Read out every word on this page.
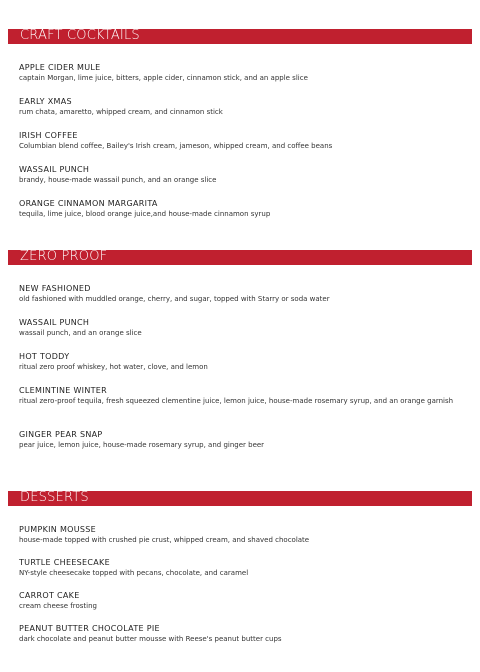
CRAFT COCKTAILS
APPLE CIDER MULE
captain Morgan, lime juice, bitters, apple cider, cinnamon stick, and an apple slice
EARLY XMAS
rum chata, amaretto, whipped cream, and cinnamon stick
IRISH COFFEE
Columbian blend coffee, Bailey's Irish cream, jameson, whipped cream, and coffee beans
WASSAIL PUNCH
brandy, house-made wassail punch, and an orange slice
ORANGE CINNAMON MARGARITA
tequila, lime juice, blood orange juice,and house-made cinnamon syrup
ZERO PROOF
NEW FASHIONED
old fashioned with muddled orange, cherry, and sugar, topped with Starry or soda water
WASSAIL PUNCH
wassail punch, and an orange slice
HOT TODDY
ritual zero proof whiskey, hot water, clove, and lemon
CLEMINTINE WINTER
ritual zero-proof tequila, fresh squeezed clementine juice, lemon juice, house-made rosemary syrup, and an orange garnish
GINGER PEAR SNAP
pear juice, lemon juice, house-made rosemary syrup, and ginger beer
DESSERTS
PUMPKIN MOUSSE
house-made topped with crushed pie crust, whipped cream, and shaved chocolate
TURTLE CHEESECAKE
NY-style cheesecake topped with pecans, chocolate, and caramel
CARROT CAKE
cream cheese frosting
PEANUT BUTTER CHOCOLATE PIE
dark chocolate and peanut butter mousse with Reese's peanut butter cups
